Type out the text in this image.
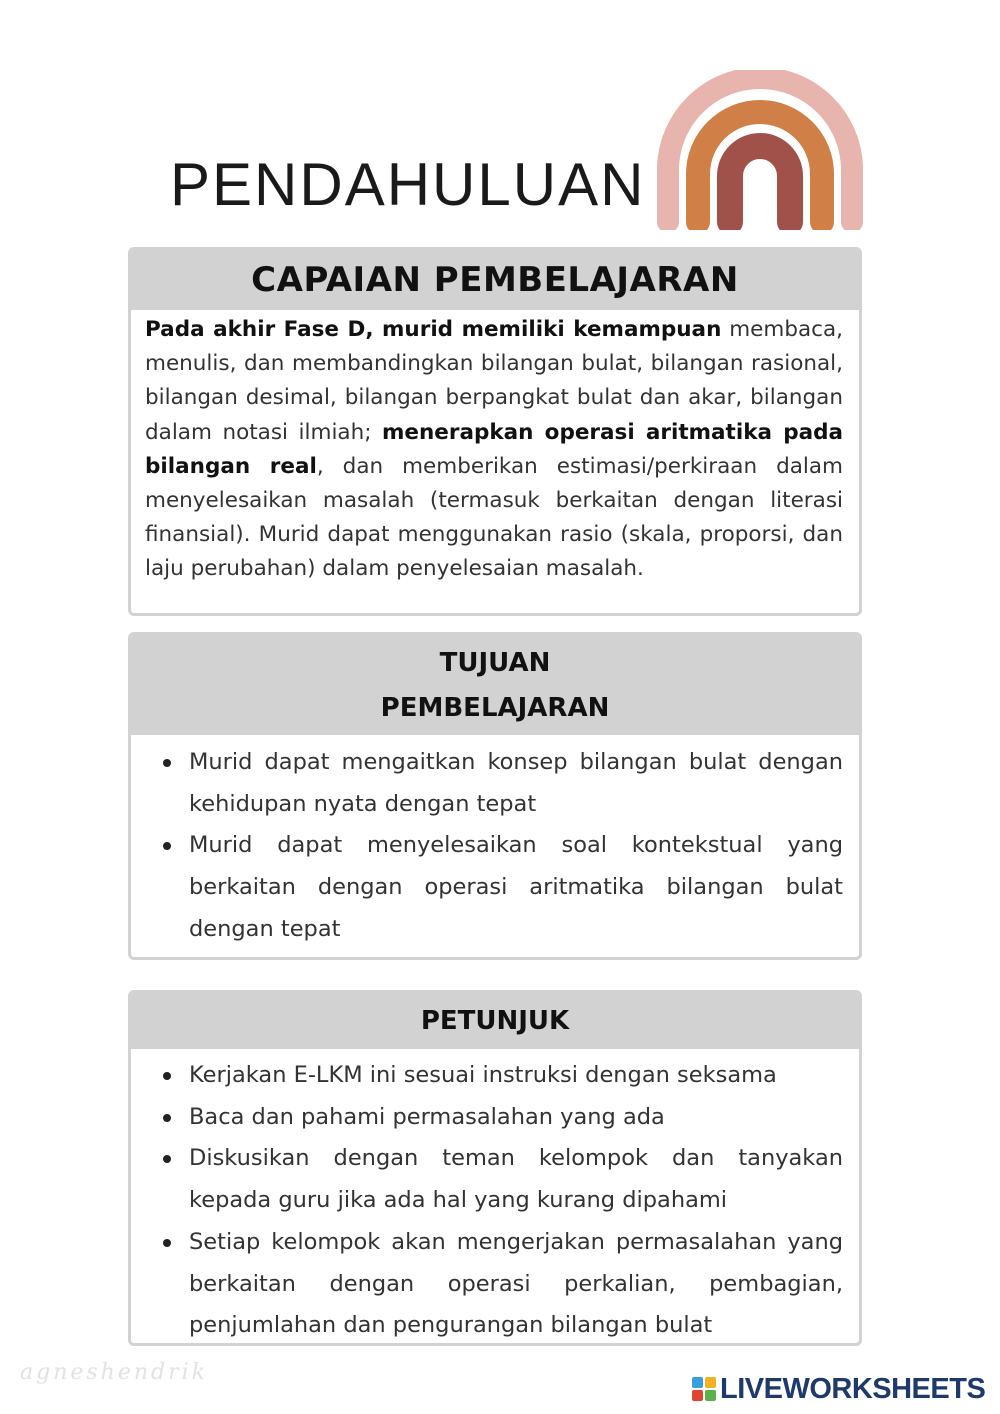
PENDAHULUAN
CAPAIAN PEMBELAJARAN
Pada akhir Fase D, murid memiliki kemampuan membaca, menulis, dan membandingkan bilangan bulat, bilangan rasional, bilangan desimal, bilangan berpangkat bulat dan akar, bilangan dalam notasi ilmiah; menerapkan operasi aritmatika pada bilangan real, dan memberikan estimasi/perkiraan dalam menyelesaikan masalah (termasuk berkaitan dengan literasi finansial). Murid dapat menggunakan rasio (skala, proporsi, dan laju perubahan) dalam penyelesaian masalah.
TUJUAN
PEMBELAJARAN
Murid dapat mengaitkan konsep bilangan bulat dengan kehidupan nyata dengan tepat
Murid dapat menyelesaikan soal kontekstual yang berkaitan dengan operasi aritmatika bilangan bulat dengan tepat
PETUNJUK
Kerjakan E-LKM ini sesuai instruksi dengan seksama
Baca dan pahami permasalahan yang ada
Diskusikan dengan teman kelompok dan tanyakan kepada guru jika ada hal yang kurang dipahami
Setiap kelompok akan mengerjakan permasalahan yang berkaitan dengan operasi perkalian, pembagian, penjumlahan dan pengurangan bilangan bulat
agneshendrik	LIVEWORKSHEETS
